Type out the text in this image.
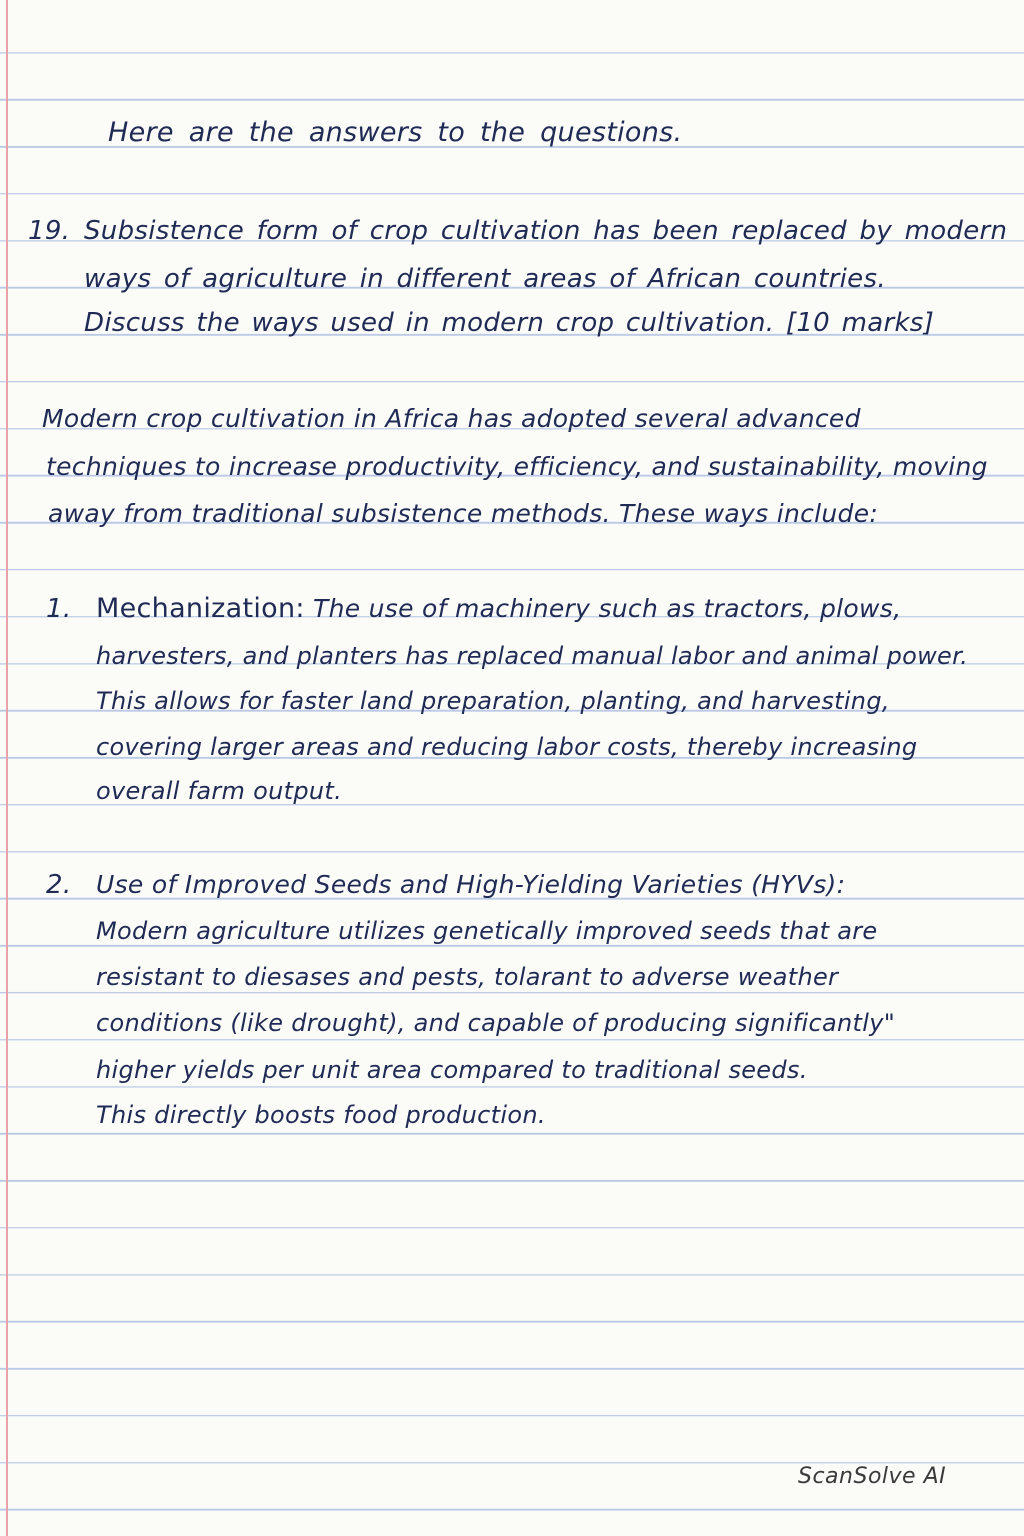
Here are the answers to the questions.
19. Subsistence form of crop cultivation has been replaced by modern
ways of agriculture in different areas of African countries.
Discuss the ways used in modern crop cultivation. [10 marks]
Modern crop cultivation in Africa has adopted several advanced
techniques to increase productivity, efficiency, and sustainability, moving
away from traditional subsistence methods. These ways include:
1. Mechanization: The use of machinery such as tractors, plows,
harvesters, and planters has replaced manual labor and animal power.
This allows for faster land preparation, planting, and harvesting,
covering larger areas and reducing labor costs, thereby increasing
overall farm output.
2. Use of Improved Seeds and High-Yielding Varieties (HYVs):
Modern agriculture utilizes genetically improved seeds that are
resistant to diesases and pests, tolarant to adverse weather
conditions (like drought), and capable of producing significantly"
higher yields per unit area compared to traditional seeds.
This directly boosts food production.
ScanSolve AI
